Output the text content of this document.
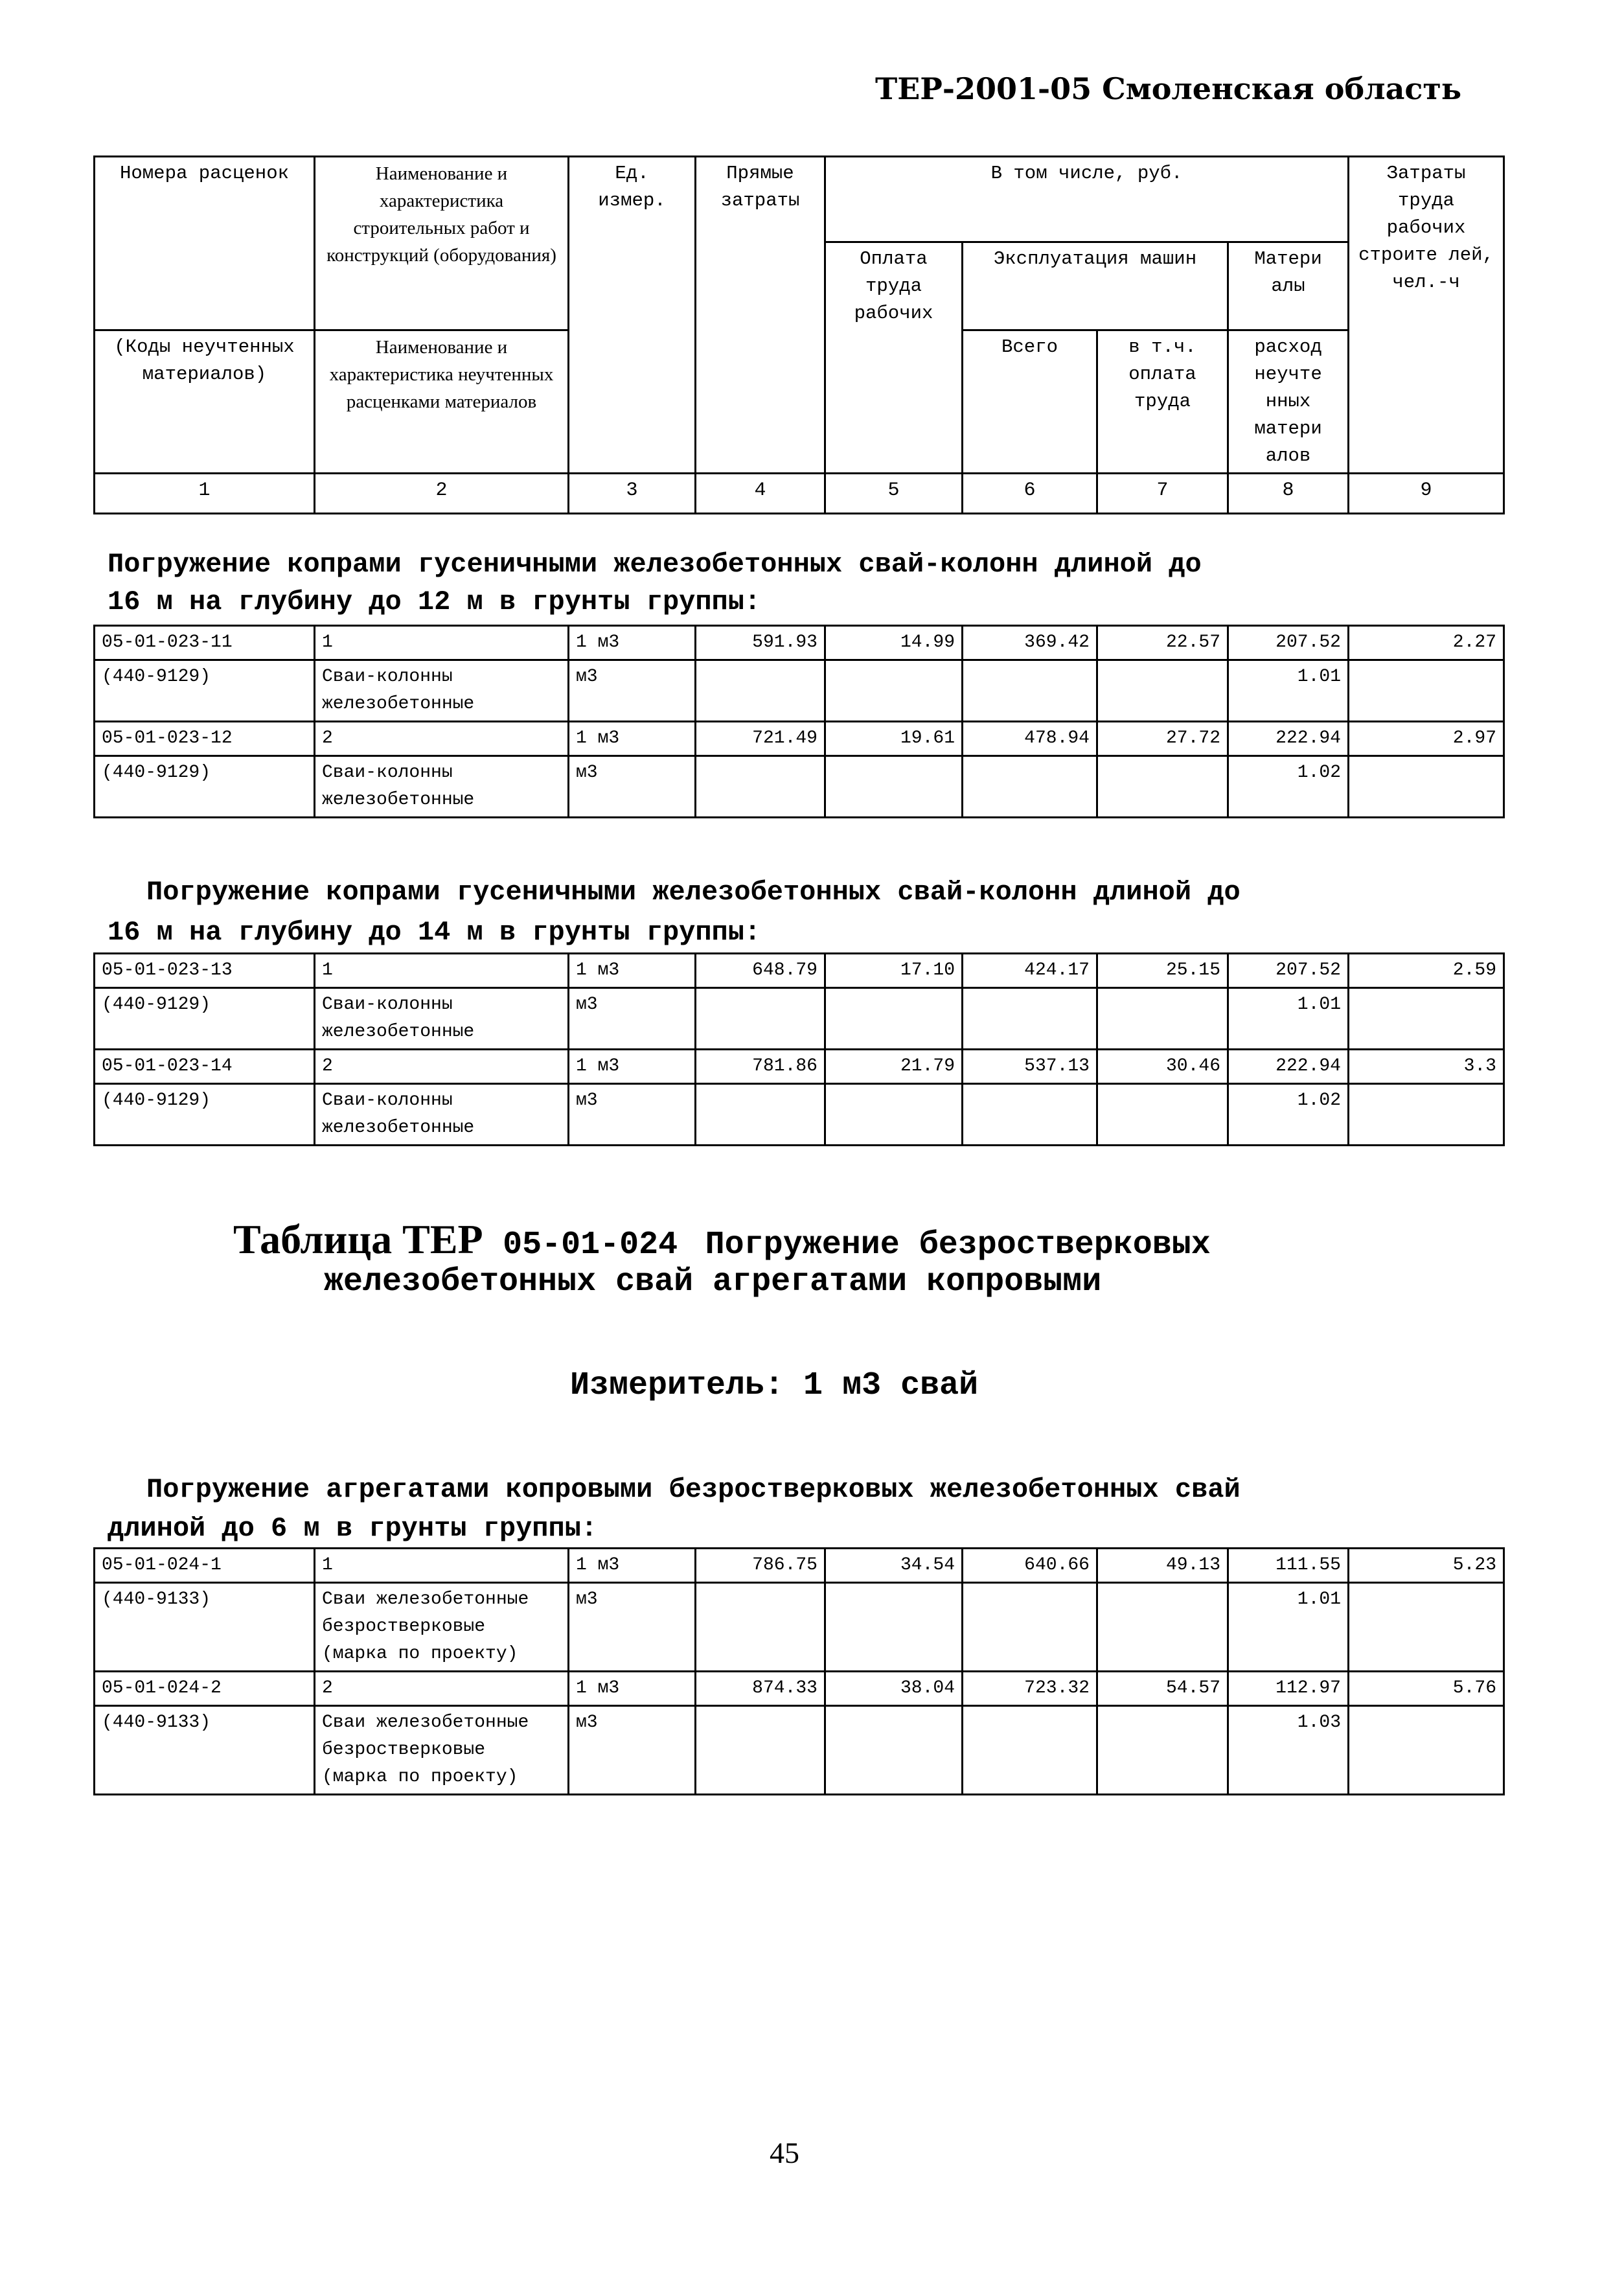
ТЕР-2001-05 Смоленская область
Номера расценок	Наименование и характеристика строительных работ и конструкций (оборудования)	Ед. измер.	Прямые затраты	В том числе, руб.				Затраты труда рабочих строите лей, чел.-ч
				Оплата труда рабочих	Эксплуатация машин		Матери алы	
(Коды неучтенных материалов)	Наименование и характеристика неучтенных расценками материалов				Всего	в т.ч. оплата труда	расход неучте нных матери алов	
1	2	3	4	5	6	7	8	9
Погружение копрами гусеничными железобетонных свай-колонн длиной до
16 м на глубину до 12 м в грунты группы:
05-01-023-11	1	1 м3	591.93	14.99	369.42	22.57	207.52	2.27
(440-9129)	Сваи-колонны железобетонные	м3					1.01	
05-01-023-12	2	1 м3	721.49	19.61	478.94	27.72	222.94	2.97
(440-9129)	Сваи-колонны железобетонные	м3					1.02	
Погружение копрами гусеничными железобетонных свай-колонн длиной до
16 м на глубину до 14 м в грунты группы:
05-01-023-13	1	1 м3	648.79	17.10	424.17	25.15	207.52	2.59
(440-9129)	Сваи-колонны железобетонные	м3					1.01	
05-01-023-14	2	1 м3	781.86	21.79	537.13	30.46	222.94	3.3
(440-9129)	Сваи-колонны железобетонные	м3					1.02	
Таблица ТЕР 05-01-024 Погружение безростверковых
железобетонных свай агрегатами копровыми
Измеритель: 1 м3 свай
Погружение агрегатами копровыми безростверковых железобетонных свай
длиной до 6 м в грунты группы:
05-01-024-1	1	1 м3	786.75	34.54	640.66	49.13	111.55	5.23
(440-9133)	Сваи железобетонные безростверковые (марка по проекту)	м3					1.01	
05-01-024-2	2	1 м3	874.33	38.04	723.32	54.57	112.97	5.76
(440-9133)	Сваи железобетонные безростверковые (марка по проекту)	м3					1.03	
45
